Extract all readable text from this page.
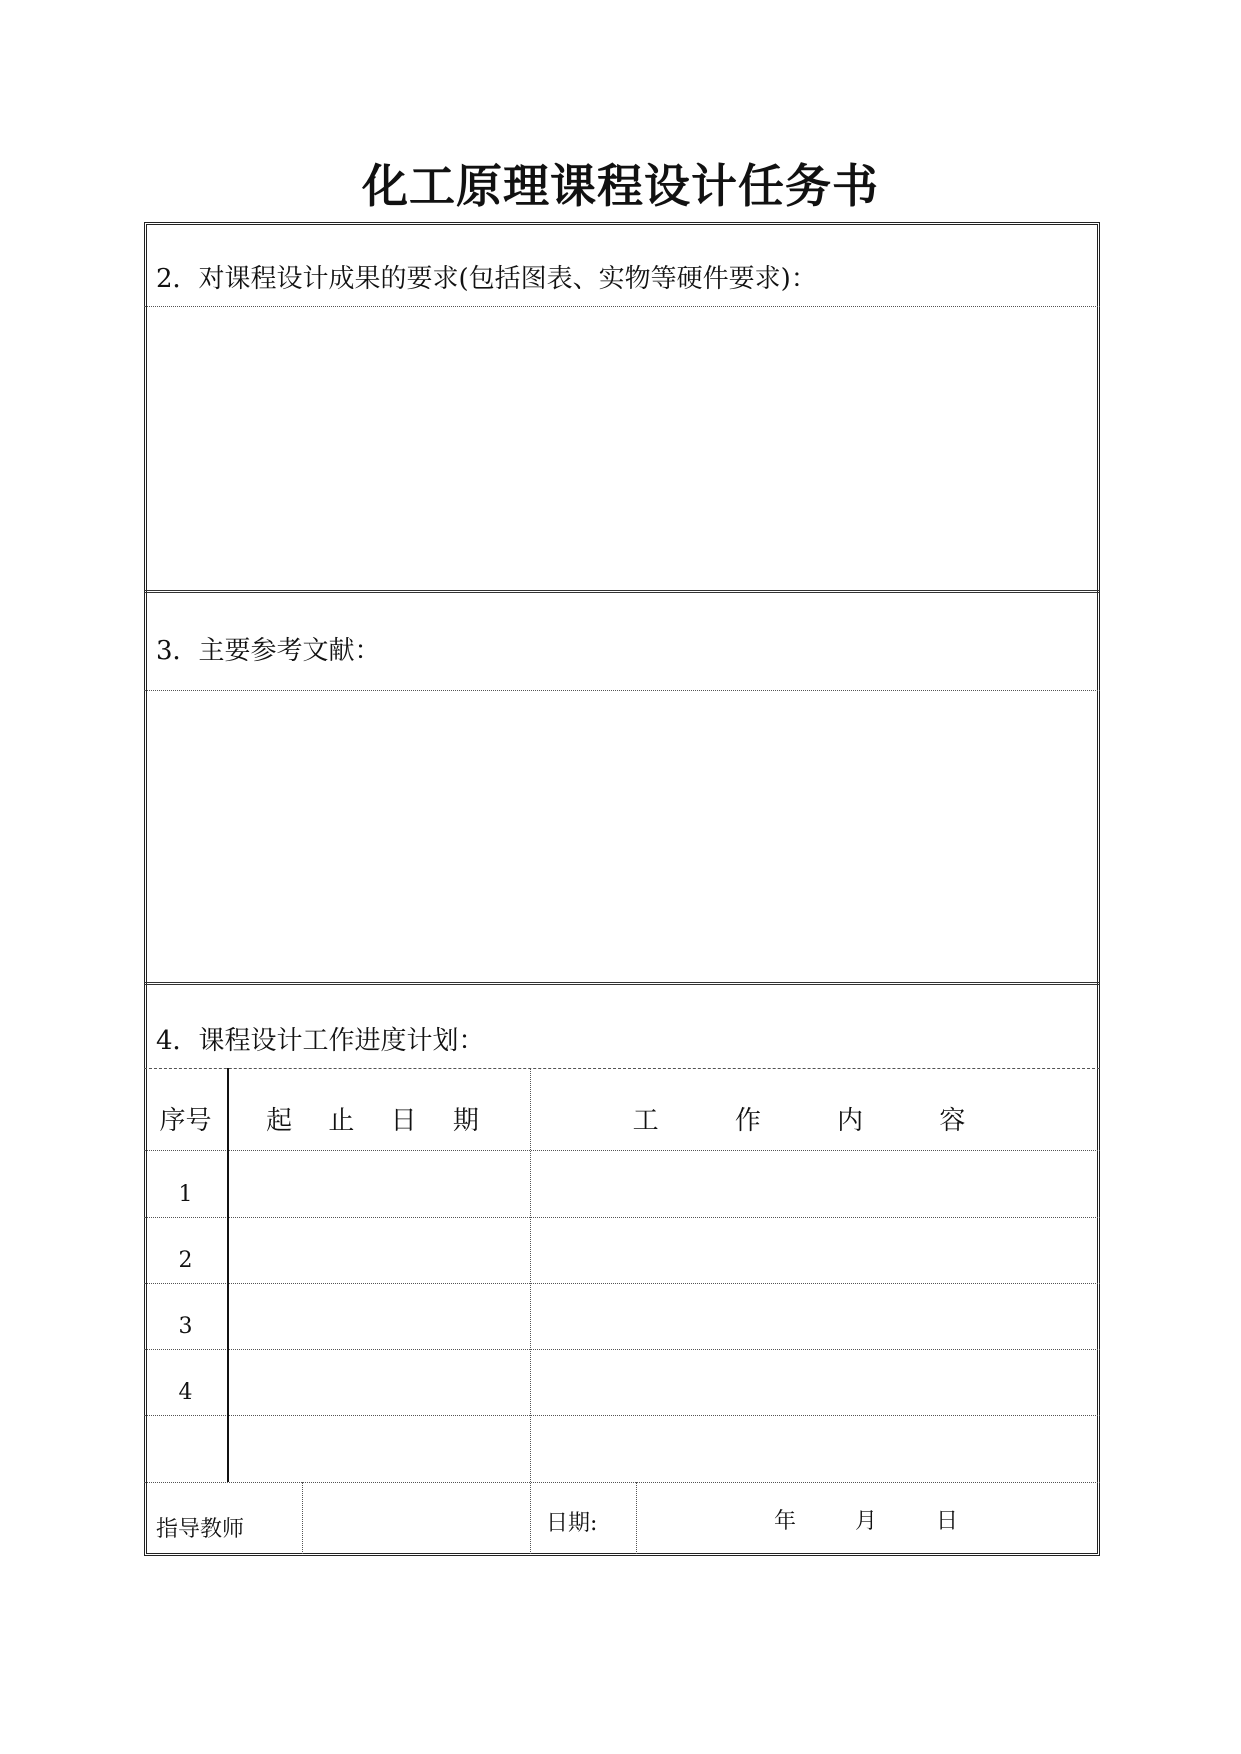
化工原理课程设计任务书
2．对课程设计成果的要求(包括图表、实物等硬件要求)：
3．主要参考文献：
4．课程设计工作进度计划：
序号	起 止 日 期	工 作 内 容
1
2
3
4
指导教师	日期:	年	月	日
